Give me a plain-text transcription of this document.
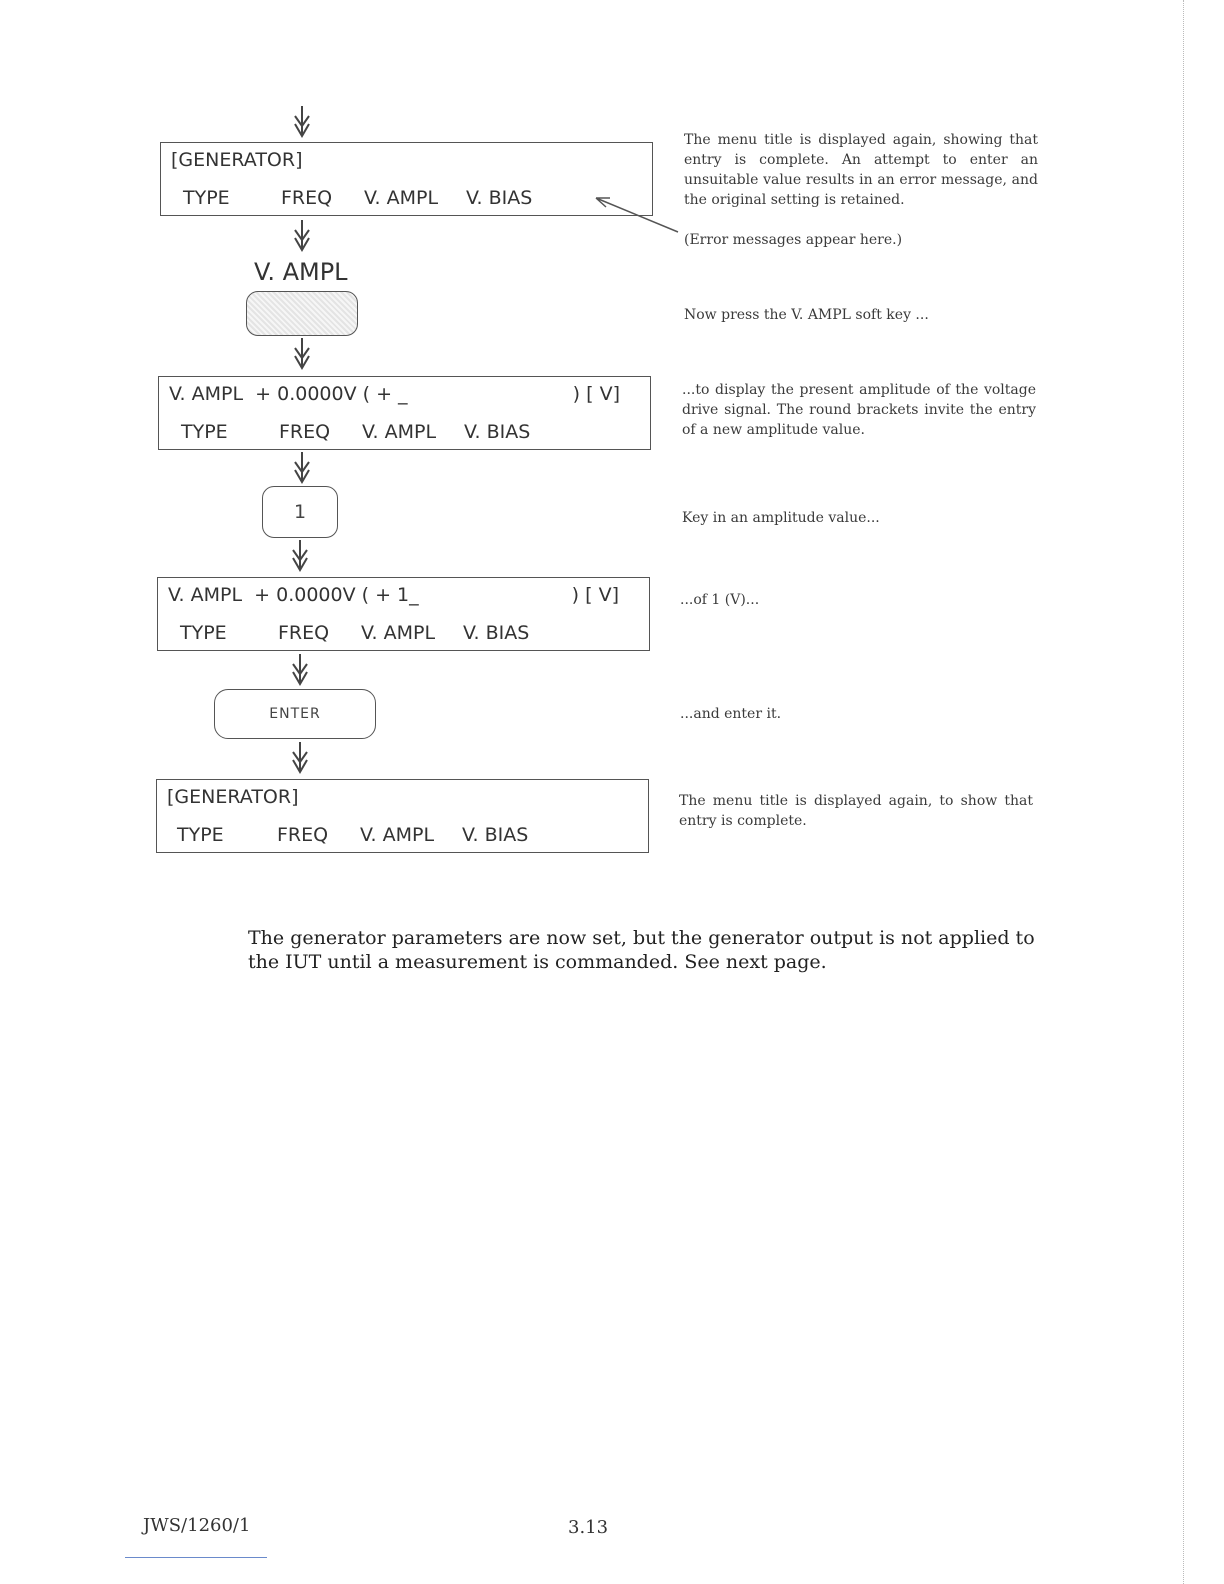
[GENERATOR]
TYPE	FREQ V. AMPL V. BIAS
V. AMPL
V. AMPL  + 0.0000V ( + _	) [ V]
TYPE	FREQ V. AMPL V. BIAS
1
V. AMPL  + 0.0000V ( + 1_	) [ V]
TYPE	FREQ V. AMPL V. BIAS
ENTER
[GENERATOR]
TYPE	FREQ V. AMPL V. BIAS
The menu title is displayed again, showing that entry is complete. An attempt to enter an unsuitable value results in an error message, and the original setting is retained.
(Error messages appear here.)
Now press the V. AMPL soft key ...
...to display the present amplitude of the voltage drive signal. The round brackets invite the entry of a new amplitude value.
Key in an amplitude value...
...of 1 (V)...
...and enter it.
The menu title is displayed again, to show that entry is complete.
The generator parameters are now set, but the generator output is not applied to the IUT until a measurement is commanded. See next page.
JWS/1260/1	3.13
